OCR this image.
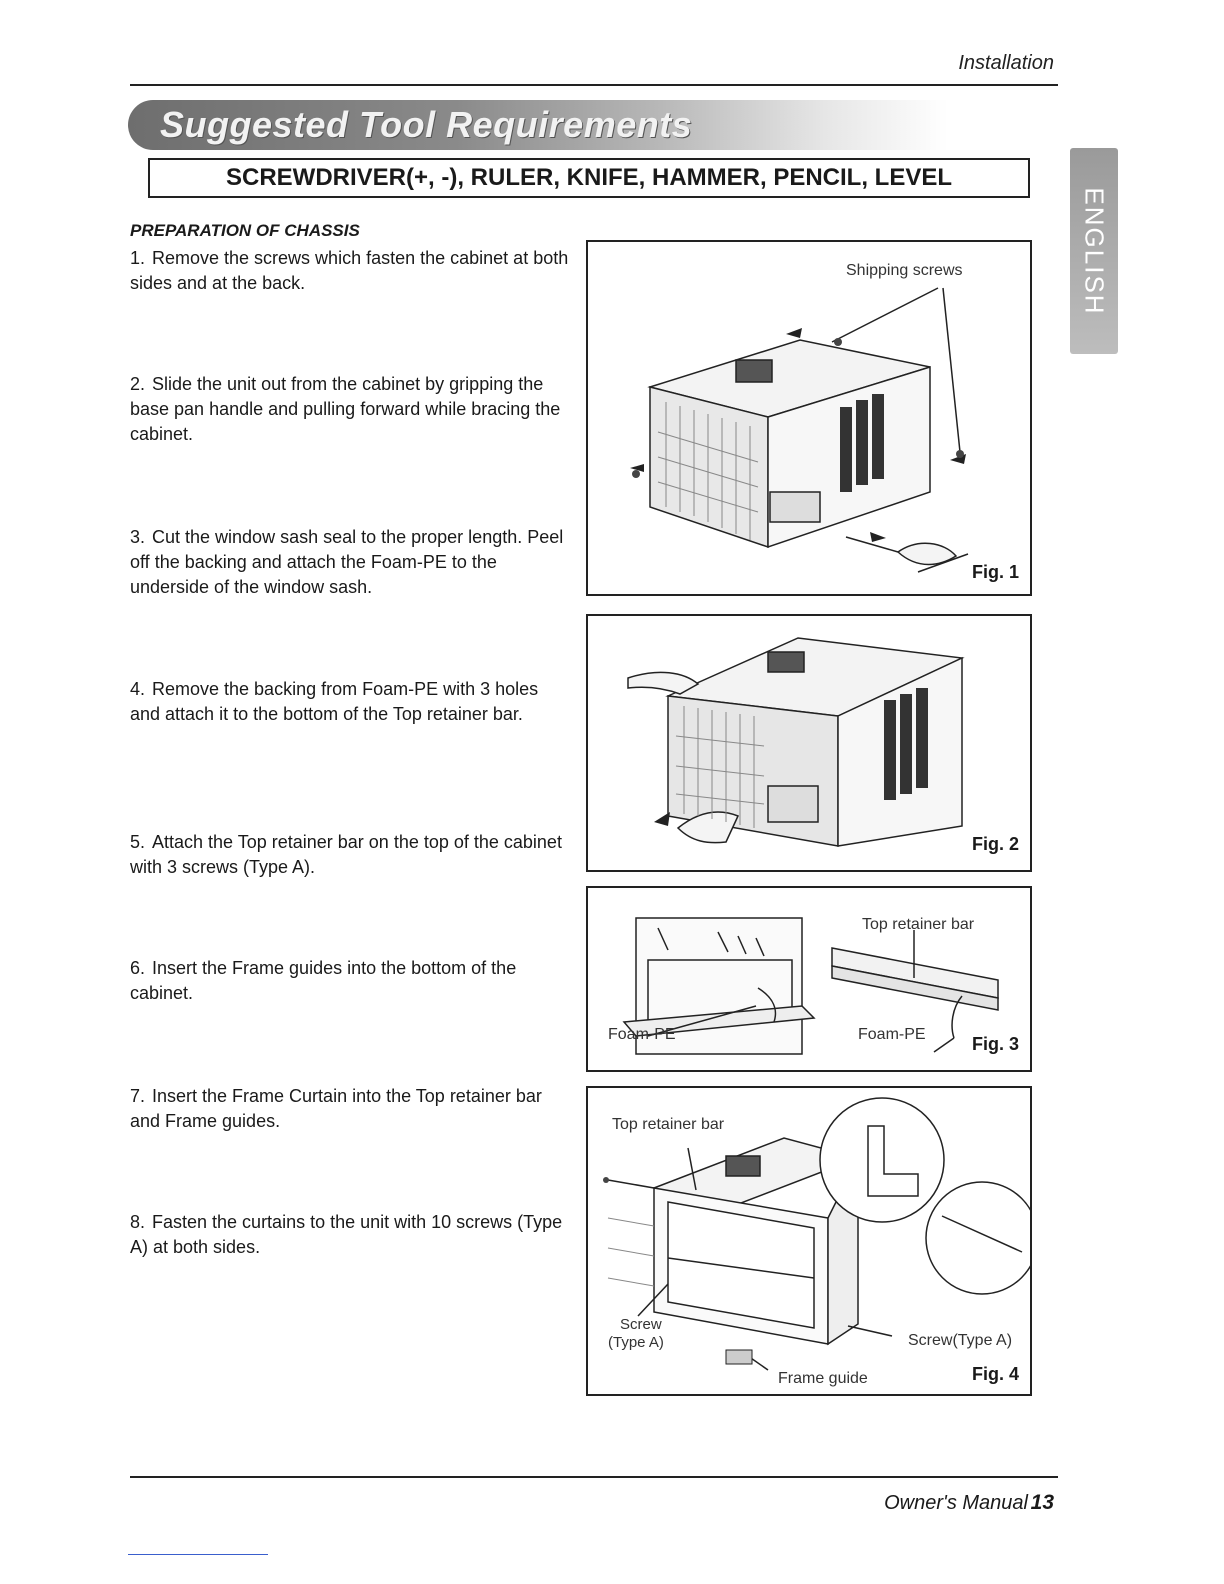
Installation
Suggested Tool Requirements
SCREWDRIVER(+, -), RULER, KNIFE, HAMMER, PENCIL, LEVEL
ENGLISH
PREPARATION OF CHASSIS
1. Remove the screws which fasten the cabinet at both sides and at the back.
2. Slide the unit out from the cabinet by gripping the base pan handle and pulling forward while bracing the cabinet.
3. Cut the window sash seal to the proper length. Peel off the backing and attach the Foam-PE to the underside of the window sash.
4. Remove the backing from Foam-PE with 3 holes and attach it to the bottom of the Top retainer bar.
5. Attach the Top retainer bar on the top of the cabinet with 3 screws (Type A).
6. Insert the Frame guides into the bottom of the cabinet.
7. Insert the Frame Curtain into the Top retainer bar and Frame guides.
8. Fasten the curtains to the unit with 10 screws (Type A) at both sides.
Shipping screws
Fig. 1
Fig. 2
Top retainer bar
Foam-PE	Foam-PE	Fig. 3
Top retainer bar
Screw
(Type A)	Screw(Type A)
Frame guide	Fig. 4
Owner's Manual 13
